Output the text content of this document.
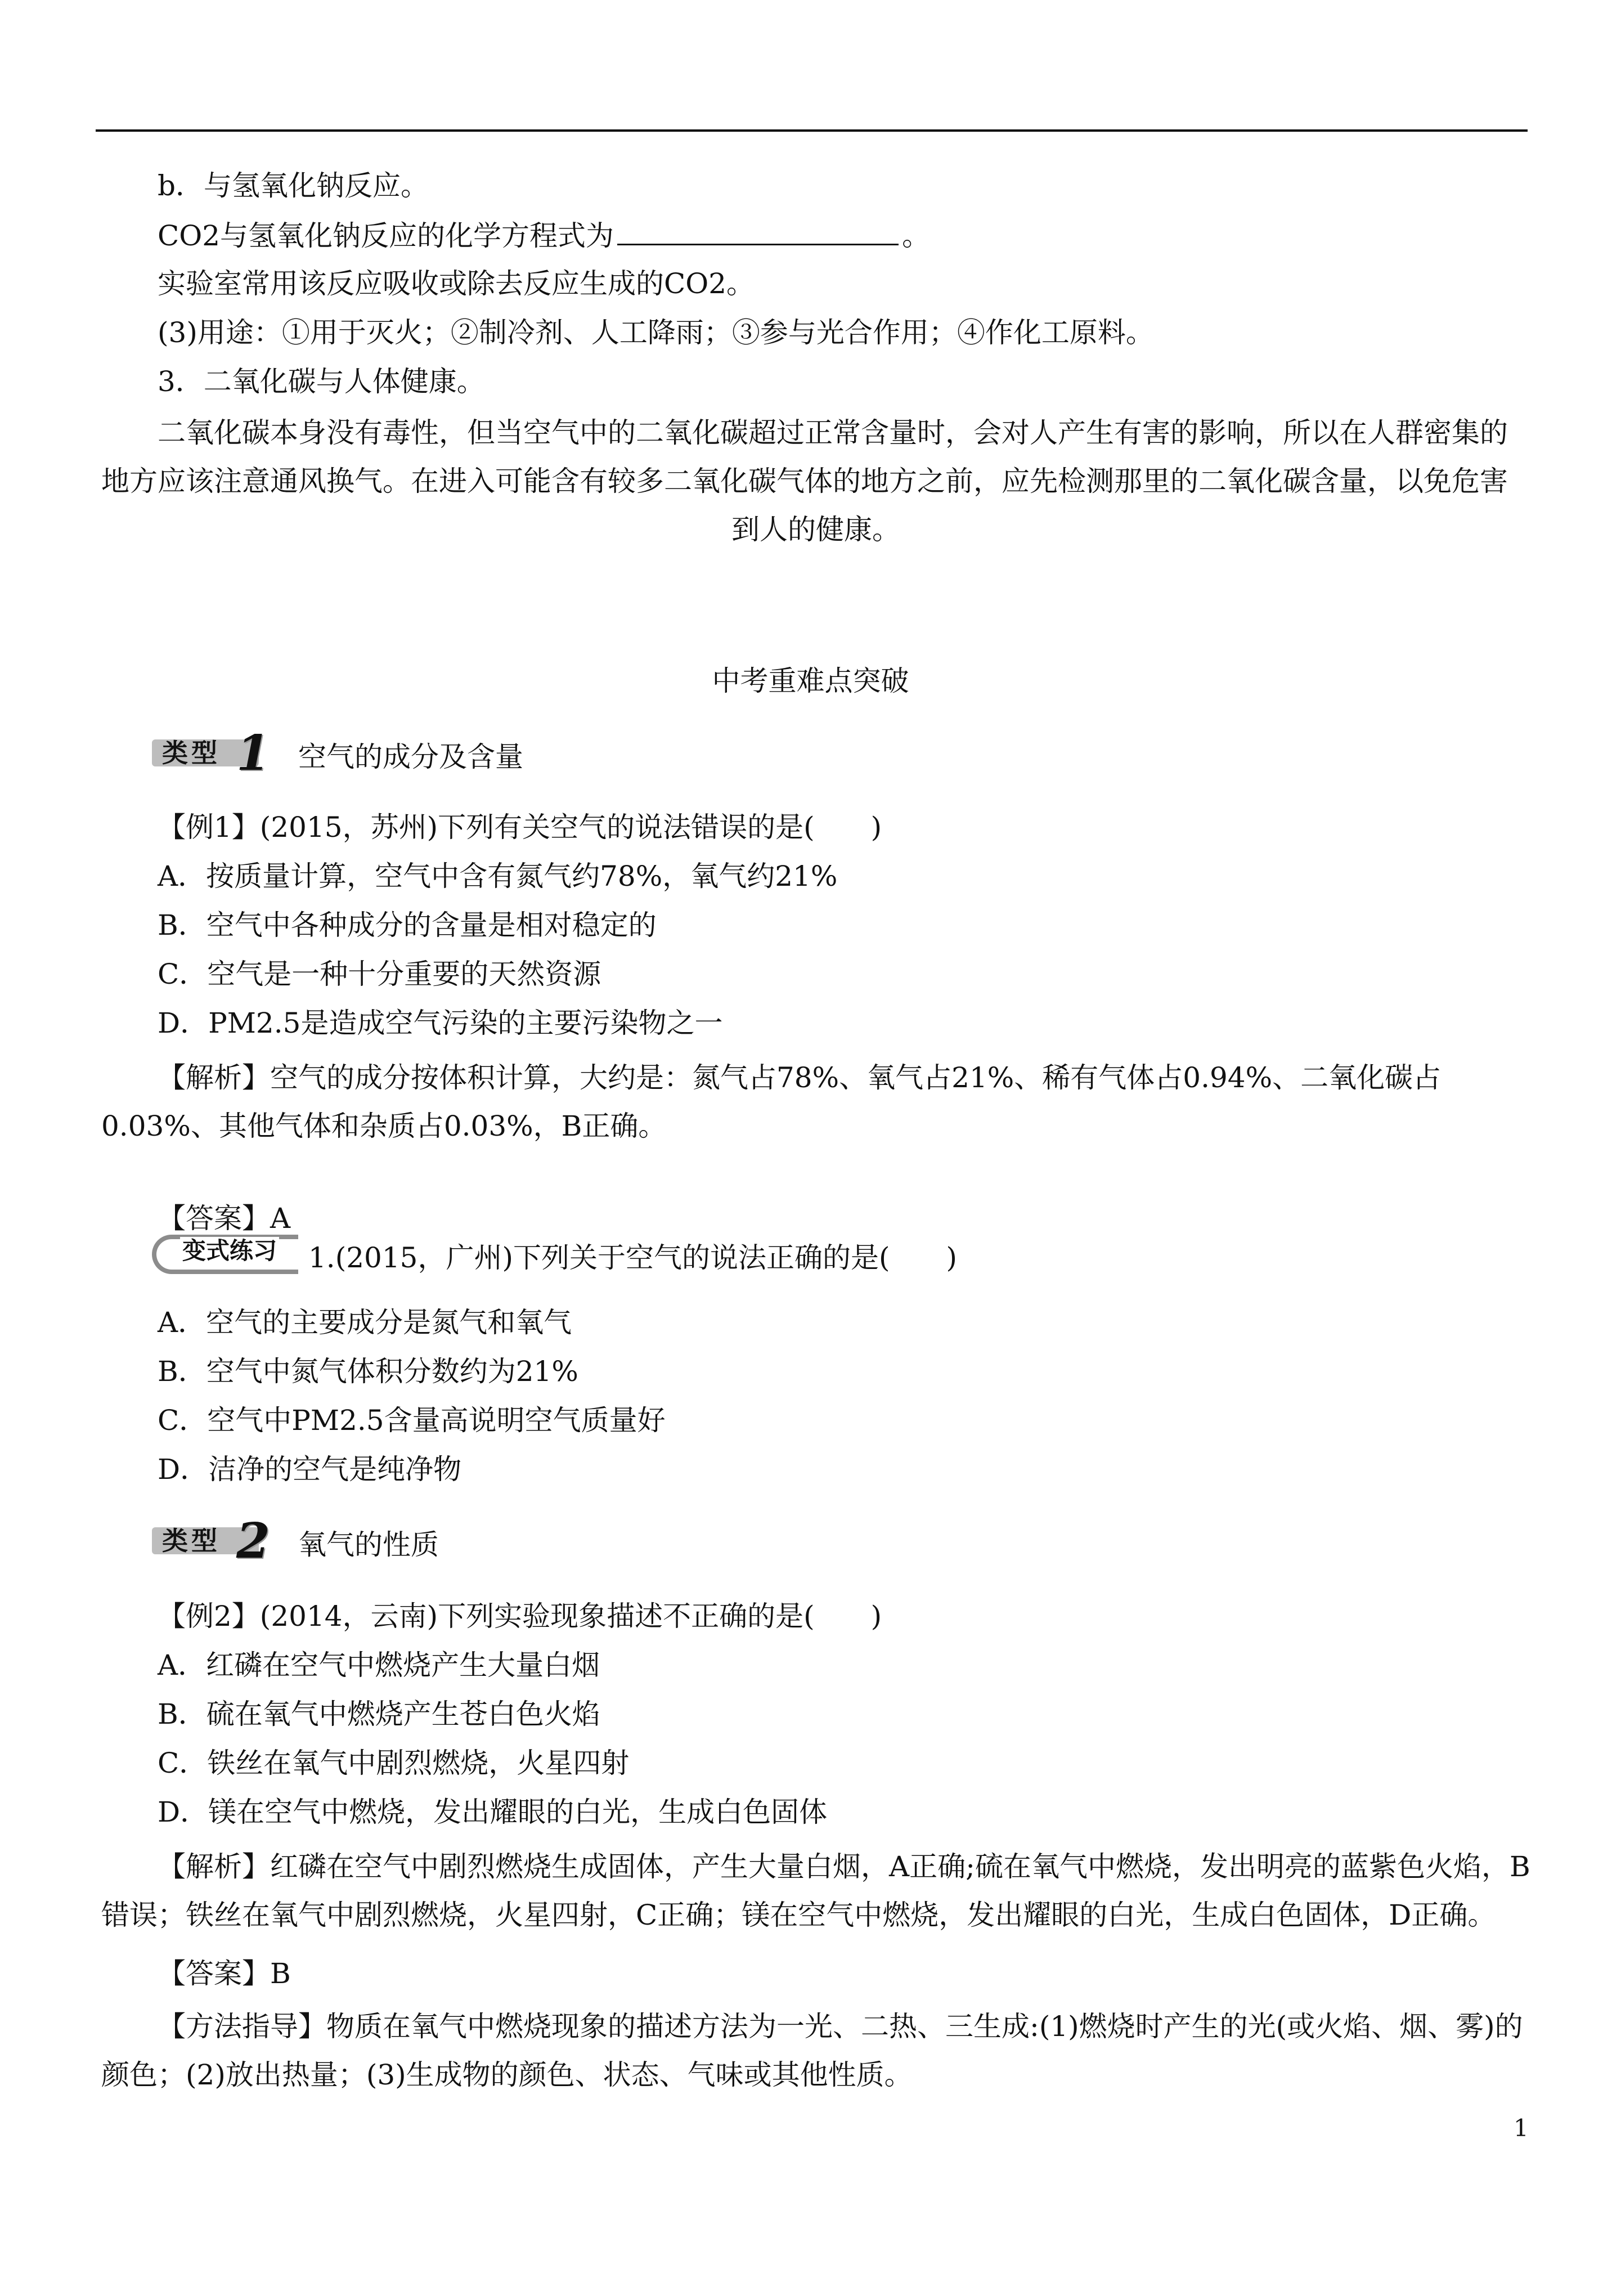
b．与氢氧化钠反应。
CO2与氢氧化钠反应的化学方程式为	。
实验室常用该反应吸收或除去反应生成的CO2。
(3)用途：①用于灭火；②制冷剂、人工降雨；③参与光合作用；④作化工原料。
3．二氧化碳与人体健康。
二氧化碳本身没有毒性，但当空气中的二氧化碳超过正常含量时，会对人产生有害的影响，所以在人群密集的地方应该注意通风换气。在进入可能含有较多二氧化碳气体的地方之前，应先检测那里的二氧化碳含量，以免危害
到人的健康。
中考重难点突破
类型 1 空气的成分及含量
【例1】(2015，苏州)下列有关空气的说法错误的是(　　)
A．按质量计算，空气中含有氮气约78%，氧气约21%
B．空气中各种成分的含量是相对稳定的
C．空气是一种十分重要的天然资源
D．PM2.5是造成空气污染的主要污染物之一
【解析】空气的成分按体积计算，大约是：氮气占78%、氧气占21%、稀有气体占0.94%、二氧化碳占0.03%、其他气体和杂质占0.03%，B正确。
【答案】A
变式练习 1.(2015，广州)下列关于空气的说法正确的是(　　)
A．空气的主要成分是氮气和氧气
B．空气中氮气体积分数约为21%
C．空气中PM2.5含量高说明空气质量好
D．洁净的空气是纯净物
类型 2 氧气的性质
【例2】(2014，云南)下列实验现象描述不正确的是(　　)
A．红磷在空气中燃烧产生大量白烟
B．硫在氧气中燃烧产生苍白色火焰
C．铁丝在氧气中剧烈燃烧，火星四射
D．镁在空气中燃烧，发出耀眼的白光，生成白色固体
【解析】红磷在空气中剧烈燃烧生成固体，产生大量白烟，A正确;硫在氧气中燃烧，发出明亮的蓝紫色火焰，B错误；铁丝在氧气中剧烈燃烧，火星四射，C正确；镁在空气中燃烧，发出耀眼的白光，生成白色固体，D正确。
【答案】B
【方法指导】物质在氧气中燃烧现象的描述方法为一光、二热、三生成:(1)燃烧时产生的光(或火焰、烟、雾)的颜色；(2)放出热量；(3)生成物的颜色、状态、气味或其他性质。
1
